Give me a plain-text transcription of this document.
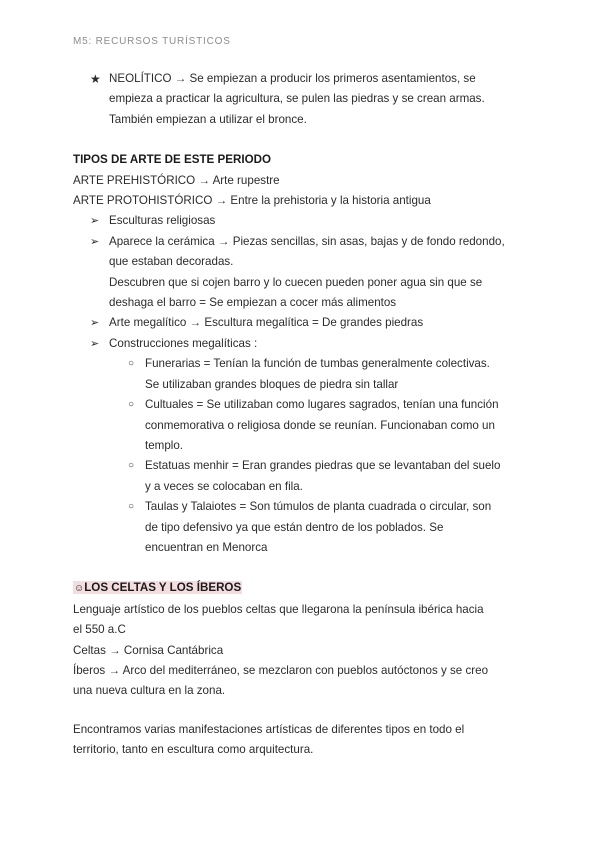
M5: RECURSOS TURÍSTICOS
★ NEOLÍTICO → Se empiezan a producir los primeros asentamientos, se
empieza a practicar la agricultura, se pulen las piedras y se crean armas.
También empiezan a utilizar el bronce.
TIPOS DE ARTE DE ESTE PERIODO
ARTE PREHISTÓRICO → Arte rupestre
ARTE PROTOHISTÓRICO → Entre la prehistoria y la historia antigua
➢ Esculturas religiosas
➢ Aparece la cerámica → Piezas sencillas, sin asas, bajas y de fondo redondo,
que estaban decoradas.
Descubren que si cojen barro y lo cuecen pueden poner agua sin que se
deshaga el barro = Se empiezan a cocer más alimentos
➢ Arte megalítico → Escultura megalítica = De grandes piedras
➢ Construcciones megalíticas :
○ Funerarias = Tenían la función de tumbas generalmente colectivas.
Se utilizaban grandes bloques de piedra sin tallar
○ Cultuales = Se utilizaban como lugares sagrados, tenían una función
conmemorativa o religiosa donde se reunían. Funcionaban como un
templo.
○ Estatuas menhir = Eran grandes piedras que se levantaban del suelo
y a veces se colocaban en fila.
○ Taulas y Talaiotes = Son túmulos de planta cuadrada o circular, son
de tipo defensivo ya que están dentro de los poblados. Se
encuentran en Menorca
☺LOS CELTAS Y LOS ÍBEROS
Lenguaje artístico de los pueblos celtas que llegarona la península ibérica hacia
el 550 a.C
Celtas → Cornisa Cantábrica
Íberos → Arco del mediterráneo, se mezclaron con pueblos autóctonos y se creo
una nueva cultura en la zona.
Encontramos varias manifestaciones artísticas de diferentes tipos en todo el
territorio, tanto en escultura como arquitectura.
